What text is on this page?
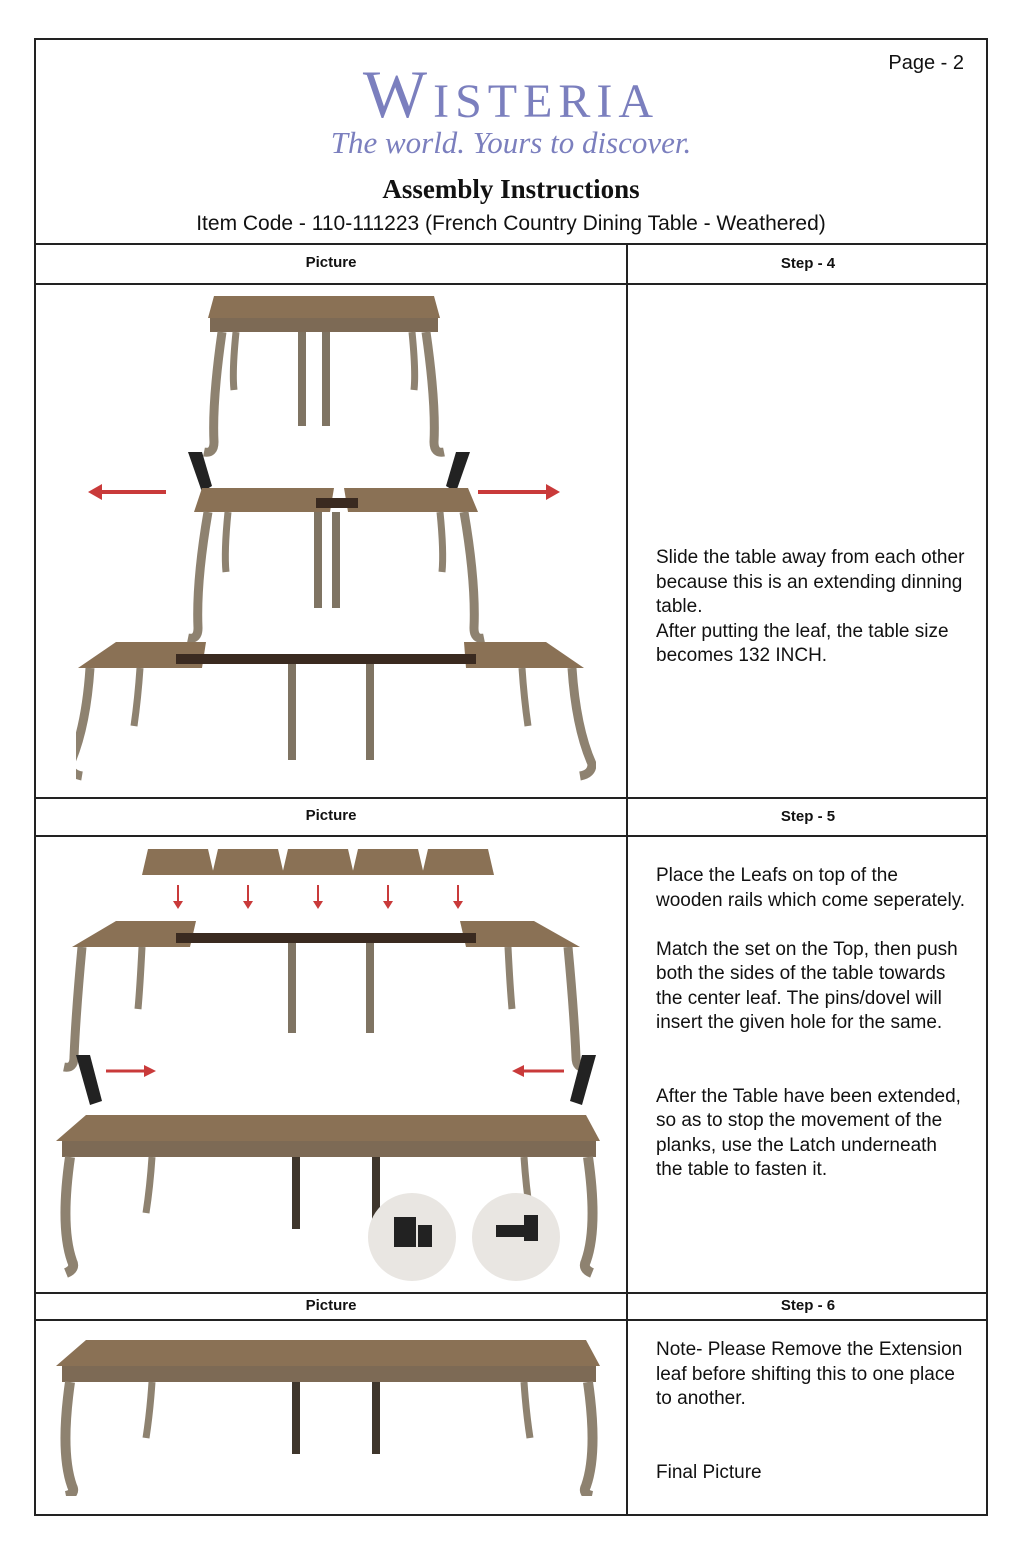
Page - 2
Wisteria
The world. Yours to discover.
Assembly Instructions
Item Code - 110-111223 (French Country Dining Table - Weathered)
Picture	Step - 4

Slide the table away from each other because this is an extending dinning table.

After putting the leaf, the table size becomes 132 INCH.

Picture	Step - 5

Place the Leafs on top of the wooden rails which come seperately.

Match the set on the Top, then push both the sides of the table towards the center leaf. The pins/dovel will insert the given hole for the same.

After the Table have been extended, so as to stop the movement of the planks, use the Latch underneath the table to fasten it.

Picture	Step - 6

Note- Please Remove the Extension leaf before shifting this to one place to another.

Final Picture
